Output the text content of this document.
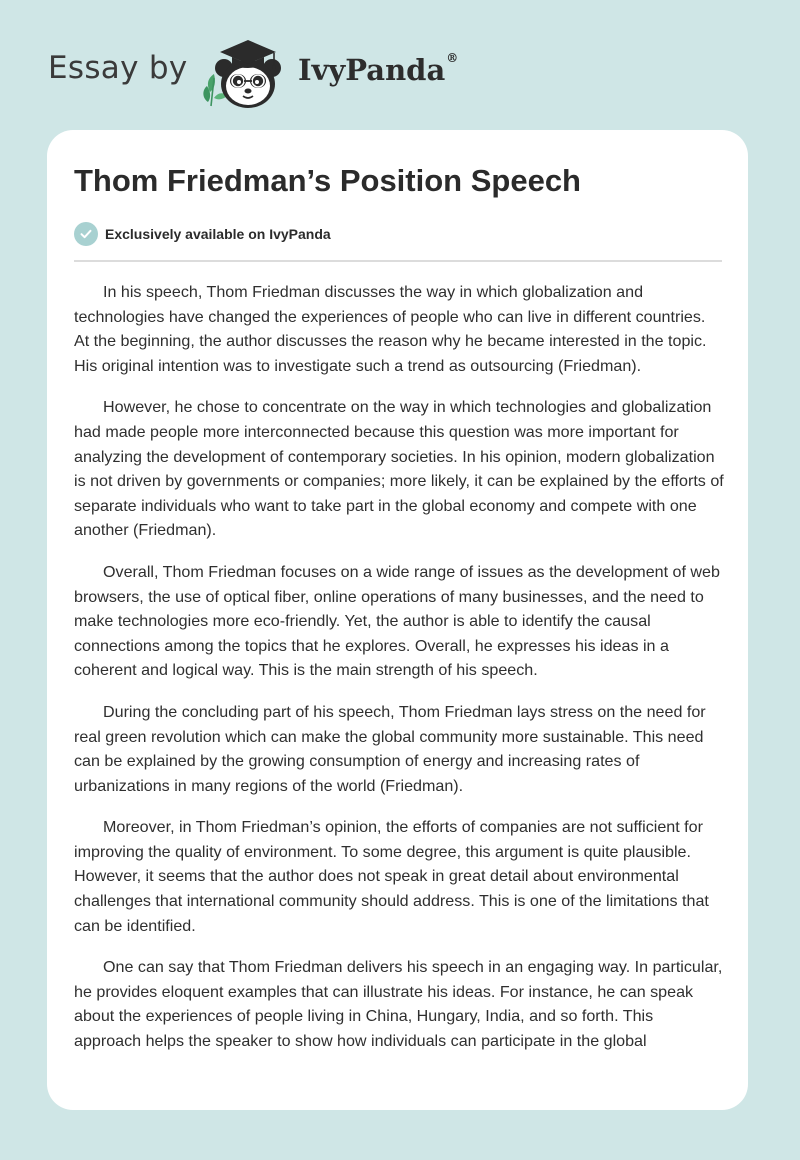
Essay by	IvyPanda®
Thom Friedman’s Position Speech
Exclusively available on IvyPanda

In his speech, Thom Friedman discusses the way in which globalization and technologies have changed the experiences of people who can live in different countries. At the beginning, the author discusses the reason why he became interested in the topic. His original intention was to investigate such a trend as outsourcing (Friedman).

However, he chose to concentrate on the way in which technologies and globalization had made people more interconnected because this question was more important for analyzing the development of contemporary societies. In his opinion, modern globalization is not driven by governments or companies; more likely, it can be explained by the efforts of separate individuals who want to take part in the global economy and compete with one another (Friedman).

Overall, Thom Friedman focuses on a wide range of issues as the development of web browsers, the use of optical fiber, online operations of many businesses, and the need to make technologies more eco-friendly. Yet, the author is able to identify the causal connections among the topics that he explores. Overall, he expresses his ideas in a coherent and logical way. This is the main strength of his speech.

During the concluding part of his speech, Thom Friedman lays stress on the need for real green revolution which can make the global community more sustainable. This need can be explained by the growing consumption of energy and increasing rates of urbanizations in many regions of the world (Friedman).

Moreover, in Thom Friedman’s opinion, the efforts of companies are not sufficient for improving the quality of environment. To some degree, this argument is quite plausible. However, it seems that the author does not speak in great detail about environmental challenges that international community should address. This is one of the limitations that can be identified.

One can say that Thom Friedman delivers his speech in an engaging way. In particular, he provides eloquent examples that can illustrate his ideas. For instance, he can speak about the experiences of people living in China, Hungary, India, and so forth. This approach helps the speaker to show how individuals can participate in the global
